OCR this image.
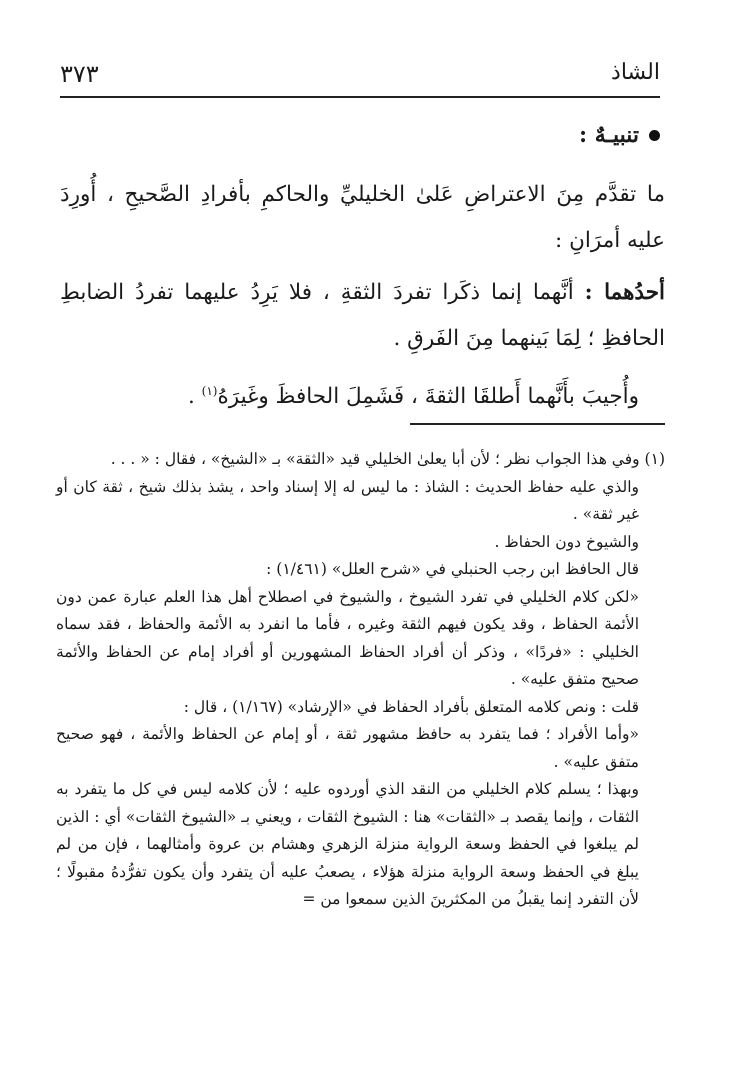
الشاذ
٣٧٣
تنبيـهٌ :

ما تقدَّم مِنَ الاعتراضِ عَلىٰ الخليليِّ والحاكمِ بأفرادِ الصَّحيحِ ، أُورِدَ عليه أمرَانِ :

أحدُهما : أنَّهما إنما ذكَرا تفردَ الثقةِ ، فلا يَرِدُ عليهما تفردُ الضابطِ الحافظِ ؛ لِمَا بَينهما مِنَ الفَرقِ .

وأُجيبَ بأَنَّهما أَطلقَا الثقةَ ، فَشَمِلَ الحافظَ وغَيرَهُ$^{(١)}$ .

(١) وفي هذا الجواب نظر ؛ لأن أبا يعلىٰ الخليلي قيد «الثقة» بـ «الشيخ» ، فقال : « . . .

والذي عليه حفاظ الحديث : الشاذ : ما ليس له إلا إسناد واحد ، يشذ بذلك شيخ ، ثقة كان أو غير ثقة» .

والشيوخ دون الحفاظ .

قال الحافظ ابن رجب الحنبلي في «شرح العلل» (١/٤٦١) :

«لكن كلام الخليلي في تفرد الشيوخ ، والشيوخ في اصطلاح أهل هذا العلم عبارة عمن دون الأئمة الحفاظ ، وقد يكون فيهم الثقة وغيره ، فأما ما انفرد به الأئمة والحفاظ ، فقد سماه الخليلي : «فردًا» ، وذكر أن أفراد الحفاظ المشهورين أو أفراد إمام عن الحفاظ والأئمة صحيح متفق عليه» .

قلت : ونص كلامه المتعلق بأفراد الحفاظ في «الإرشاد» (١/١٦٧) ، قال :

«وأما الأفراد ؛ فما يتفرد به حافظ مشهور ثقة ، أو إمام عن الحفاظ والأئمة ، فهو صحيح متفق عليه» .

وبهذا ؛ يسلم كلام الخليلي من النقد الذي أوردوه عليه ؛ لأن كلامه ليس في كل ما يتفرد به الثقات ، وإنما يقصد بـ «الثقات» هنا : الشيوخ الثقات ، ويعني بـ «الشيوخ الثقات» أي : الذين لم يبلغوا في الحفظ وسعة الرواية منزلة الزهري وهشام بن عروة وأمثالهما ، فإن من لم يبلغ في الحفظ وسعة الرواية منزلة هؤلاء ، يصعبُ عليه أن يتفرد وأن يكون تفرُّدهُ مقبولًا ؛ لأن التفرد إنما يقبلُ من المكثرينَ الذين سمعوا من =
